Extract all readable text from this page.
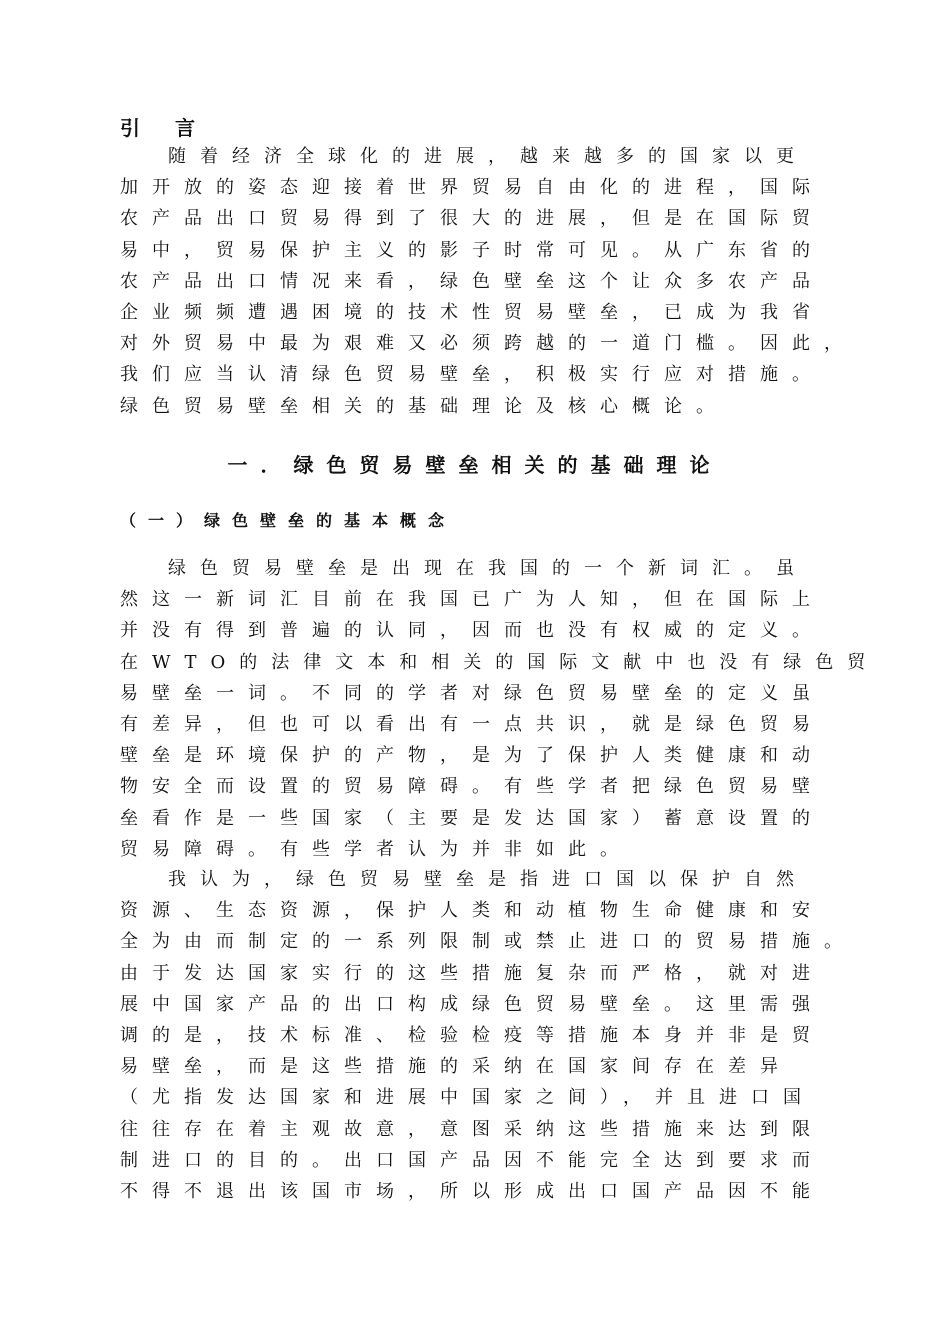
引 言
随着经济全球化的进展，越来越多的国家以更
加开放的姿态迎接着世界贸易自由化的进程，国际
农产品出口贸易得到了很大的进展，但是在国际贸
易中，贸易保护主义的影子时常可见。从广东省的
农产品出口情况来看，绿色壁垒这个让众多农产品
企业频频遭遇困境的技术性贸易壁垒，已成为我省
对外贸易中最为艰难又必须跨越的一道门槛。因此，
我们应当认清绿色贸易壁垒，积极实行应对措施。
绿色贸易壁垒相关的基础理论及核心概论。
一．绿色贸易壁垒相关的基础理论
（一）绿色壁垒的基本概念
绿色贸易壁垒是出现在我国的一个新词汇。虽
然这一新词汇目前在我国已广为人知，但在国际上
并没有得到普遍的认同，因而也没有权威的定义。
在WTO的法律文本和相关的国际文献中也没有绿色贸
易壁垒一词。不同的学者对绿色贸易壁垒的定义虽
有差异，但也可以看出有一点共识，就是绿色贸易
壁垒是环境保护的产物，是为了保护人类健康和动
物安全而设置的贸易障碍。有些学者把绿色贸易壁
垒看作是一些国家（主要是发达国家）蓄意设置的
贸易障碍。有些学者认为并非如此。
我认为，绿色贸易壁垒是指进口国以保护自然
资源、生态资源，保护人类和动植物生命健康和安
全为由而制定的一系列限制或禁止进口的贸易措施。
由于发达国家实行的这些措施复杂而严格，就对进
展中国家产品的出口构成绿色贸易壁垒。这里需强
调的是，技术标准、检验检疫等措施本身并非是贸
易壁垒，而是这些措施的采纳在国家间存在差异
（尤指发达国家和进展中国家之间），并且进口国
往往存在着主观故意，意图采纳这些措施来达到限
制进口的目的。出口国产品因不能完全达到要求而
不得不退出该国市场，所以形成出口国产品因不能
